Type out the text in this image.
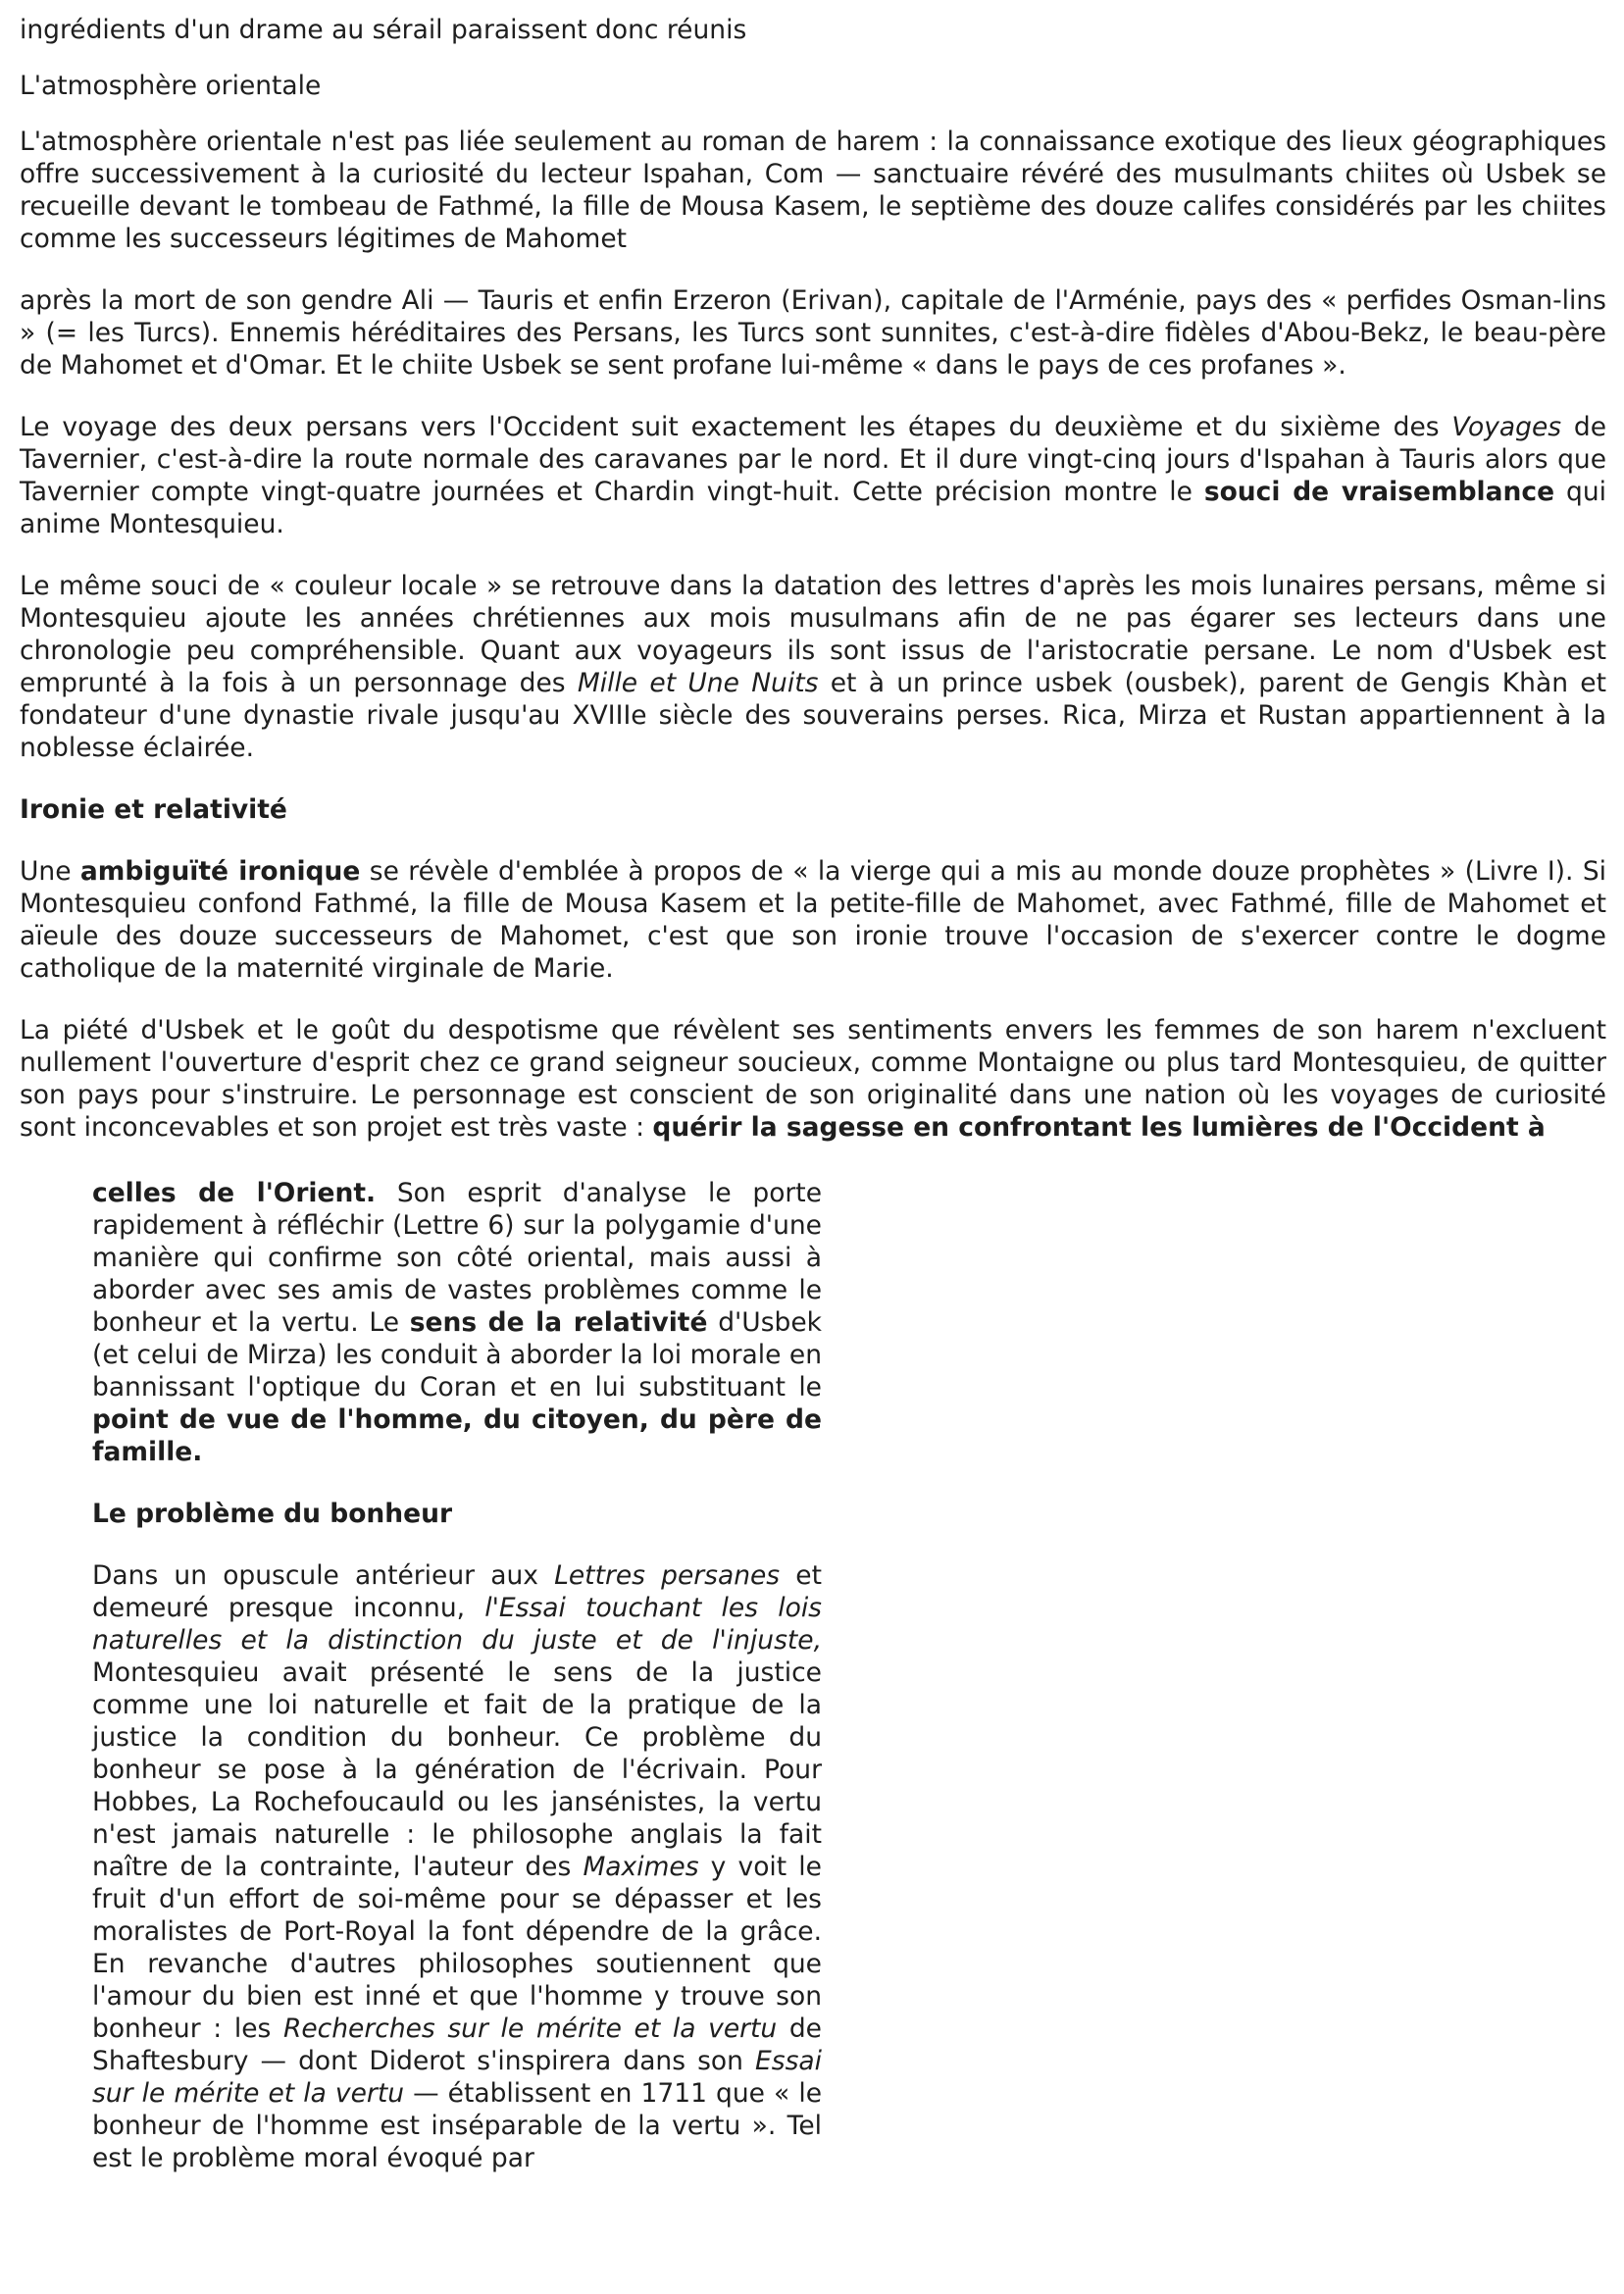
ingrédients d'un drame au sérail paraissent donc réunis

L'atmosphère orientale

L'atmosphère orientale n'est pas liée seulement au roman de harem : la connaissance exotique des lieux géographiques offre successivement à la curiosité du lecteur Ispahan, Com — sanctuaire révéré des musulmants chiites où Usbek se recueille devant le tombeau de Fathmé, la fille de Mousa Kasem, le septième des douze califes considérés par les chiites comme les successeurs légitimes de Mahomet

après la mort de son gendre Ali — Tauris et enfin Erzeron (Erivan), capitale de l'Arménie, pays des « perfides Osman-lins » (= les Turcs). Ennemis héréditaires des Persans, les Turcs sont sunnites, c'est-à-dire fidèles d'Abou-Bekz, le beau-père de Mahomet et d'Omar. Et le chiite Usbek se sent profane lui-même « dans le pays de ces profanes ».

Le voyage des deux persans vers l'Occident suit exactement les étapes du deuxième et du sixième des Voyages de Tavernier, c'est-à-dire la route normale des caravanes par le nord. Et il dure vingt-cinq jours d'Ispahan à Tauris alors que Tavernier compte vingt-quatre journées et Chardin vingt-huit. Cette précision montre le souci de vraisemblance qui anime Montesquieu.

Le même souci de « couleur locale » se retrouve dans la datation des lettres d'après les mois lunaires persans, même si Montesquieu ajoute les années chrétiennes aux mois musulmans afin de ne pas égarer ses lecteurs dans une chronologie peu compréhensible. Quant aux voyageurs ils sont issus de l'aristocratie persane. Le nom d'Usbek est emprunté à la fois à un personnage des Mille et Une Nuits et à un prince usbek (ousbek), parent de Gengis Khàn et fondateur d'une dynastie rivale jusqu'au XVIIIe siècle des souverains perses. Rica, Mirza et Rustan appartiennent à la noblesse éclairée.

Ironie et relativité

Une ambiguïté ironique se révèle d'emblée à propos de « la vierge qui a mis au monde douze prophètes » (Livre I). Si Montesquieu confond Fathmé, la fille de Mousa Kasem et la petite-fille de Mahomet, avec Fathmé, fille de Mahomet et aïeule des douze successeurs de Mahomet, c'est que son ironie trouve l'occasion de s'exercer contre le dogme catholique de la maternité virginale de Marie.

La piété d'Usbek et le goût du despotisme que révèlent ses sentiments envers les femmes de son harem n'excluent nullement l'ouverture d'esprit chez ce grand seigneur soucieux, comme Montaigne ou plus tard Montesquieu, de quitter son pays pour s'instruire. Le personnage est conscient de son originalité dans une nation où les voyages de curiosité sont inconcevables et son projet est très vaste : quérir la sagesse en confrontant les lumières de l'Occident à

celles de l'Orient. Son esprit d'analyse le porte rapidement à réfléchir (Lettre 6) sur la polygamie d'une manière qui confirme son côté oriental, mais aussi à aborder avec ses amis de vastes problèmes comme le bonheur et la vertu. Le sens de la relativité d'Usbek (et celui de Mirza) les conduit à aborder la loi morale en bannissant l'optique du Coran et en lui substituant le point de vue de l'homme, du citoyen, du père de famille.

Le problème du bonheur

Dans un opuscule antérieur aux Lettres persanes et demeuré presque inconnu, l'Essai touchant les lois naturelles et la distinction du juste et de l'injuste, Montesquieu avait présenté le sens de la justice comme une loi naturelle et fait de la pratique de la justice la condition du bonheur. Ce problème du bonheur se pose à la génération de l'écrivain. Pour Hobbes, La Rochefoucauld ou les jansénistes, la vertu n'est jamais naturelle : le philosophe anglais la fait naître de la contrainte, l'auteur des Maximes y voit le fruit d'un effort de soi-même pour se dépasser et les moralistes de Port-Royal la font dépendre de la grâce. En revanche d'autres philosophes soutiennent que l'amour du bien est inné et que l'homme y trouve son bonheur : les Recherches sur le mérite et la vertu de Shaftesbury — dont Diderot s'inspirera dans son Essai sur le mérite et la vertu — établissent en 1711 que « le bonheur de l'homme est inséparable de la vertu ». Tel est le problème moral évoqué par
